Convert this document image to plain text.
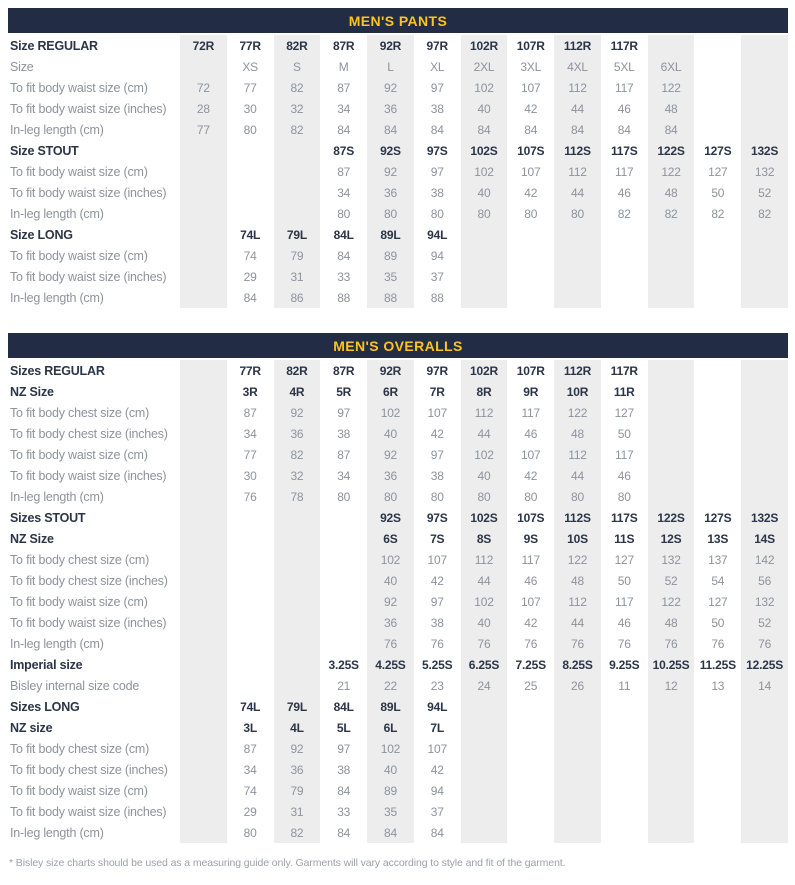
MEN'S PANTS
Size REGULAR	72R	77R	82R	87R	92R	97R	102R	107R	112R	117R			
Size		XS	S	M	L	XL	2XL	3XL	4XL	5XL	6XL		
To fit body waist size (cm)	72	77	82	87	92	97	102	107	112	117	122		
To fit body waist size (inches)	28	30	32	34	36	38	40	42	44	46	48		
In-leg length (cm)	77	80	82	84	84	84	84	84	84	84	84		
Size STOUT				87S	92S	97S	102S	107S	112S	117S	122S	127S	132S
To fit body waist size (cm)				87	92	97	102	107	112	117	122	127	132
To fit body waist size (inches)				34	36	38	40	42	44	46	48	50	52
In-leg length (cm)				80	80	80	80	80	80	82	82	82	82
Size LONG		74L	79L	84L	89L	94L							
To fit body waist size (cm)		74	79	84	89	94							
To fit body waist size (inches)		29	31	33	35	37							
In-leg length (cm)		84	86	88	88	88							
MEN'S OVERALLS
Sizes REGULAR		77R	82R	87R	92R	97R	102R	107R	112R	117R			
NZ Size		3R	4R	5R	6R	7R	8R	9R	10R	11R			
To fit body chest size (cm)		87	92	97	102	107	112	117	122	127			
To fit body chest size (inches)		34	36	38	40	42	44	46	48	50			
To fit body waist size (cm)		77	82	87	92	97	102	107	112	117			
To fit body waist size (inches)		30	32	34	36	38	40	42	44	46			
In-leg length (cm)		76	78	80	80	80	80	80	80	80			
Sizes STOUT					92S	97S	102S	107S	112S	117S	122S	127S	132S
NZ Size					6S	7S	8S	9S	10S	11S	12S	13S	14S
To fit body chest size (cm)					102	107	112	117	122	127	132	137	142
To fit body chest size (inches)					40	42	44	46	48	50	52	54	56
To fit body waist size (cm)					92	97	102	107	112	117	122	127	132
To fit body waist size (inches)					36	38	40	42	44	46	48	50	52
In-leg length (cm)					76	76	76	76	76	76	76	76	76
Imperial size				3.25S	4.25S	5.25S	6.25S	7.25S	8.25S	9.25S	10.25S	11.25S	12.25S
Bisley internal size code				21	22	23	24	25	26	11	12	13	14
Sizes LONG		74L	79L	84L	89L	94L							
NZ size		3L	4L	5L	6L	7L							
To fit body chest size (cm)		87	92	97	102	107							
To fit body chest size (inches)		34	36	38	40	42							
To fit body waist size (cm)		74	79	84	89	94							
To fit body waist size (inches)		29	31	33	35	37							
In-leg length (cm)		80	82	84	84	84							
* Bisley size charts should be used as a measuring guide only. Garments will vary according to style and fit of the garment.
